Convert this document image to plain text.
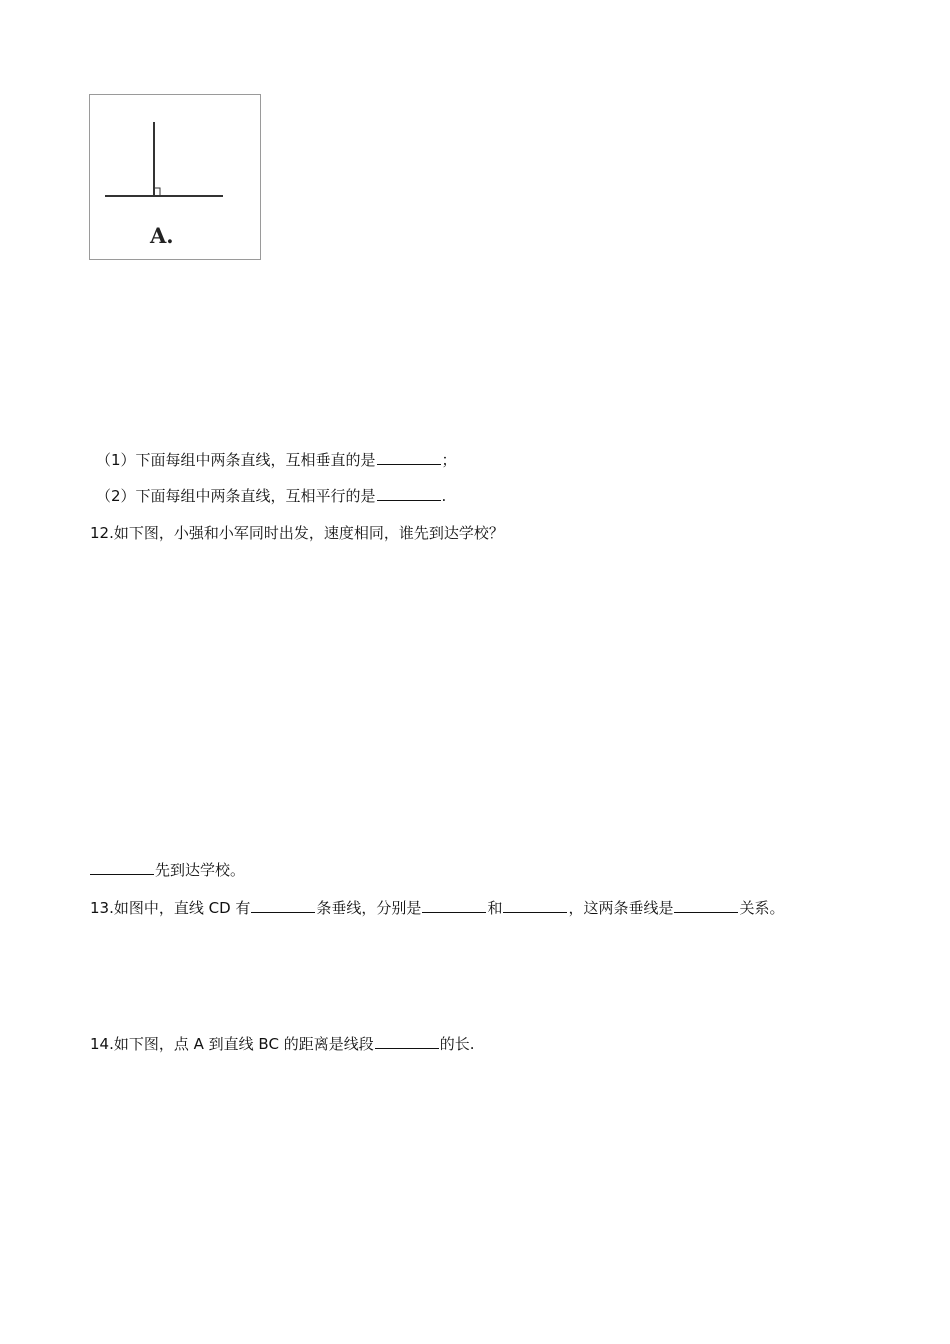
A.
（1）下面每组中两条直线，互相垂直的是	；
（2）下面每组中两条直线，互相平行的是	.
12.如下图，小强和小军同时出发，速度相同，谁先到达学校？
先到达学校。
13.如图中，直线 CD 有	条垂线，分别是	和	，这两条垂线是	关系。
14.如下图，点 A 到直线 BC 的距离是线段	的长.
